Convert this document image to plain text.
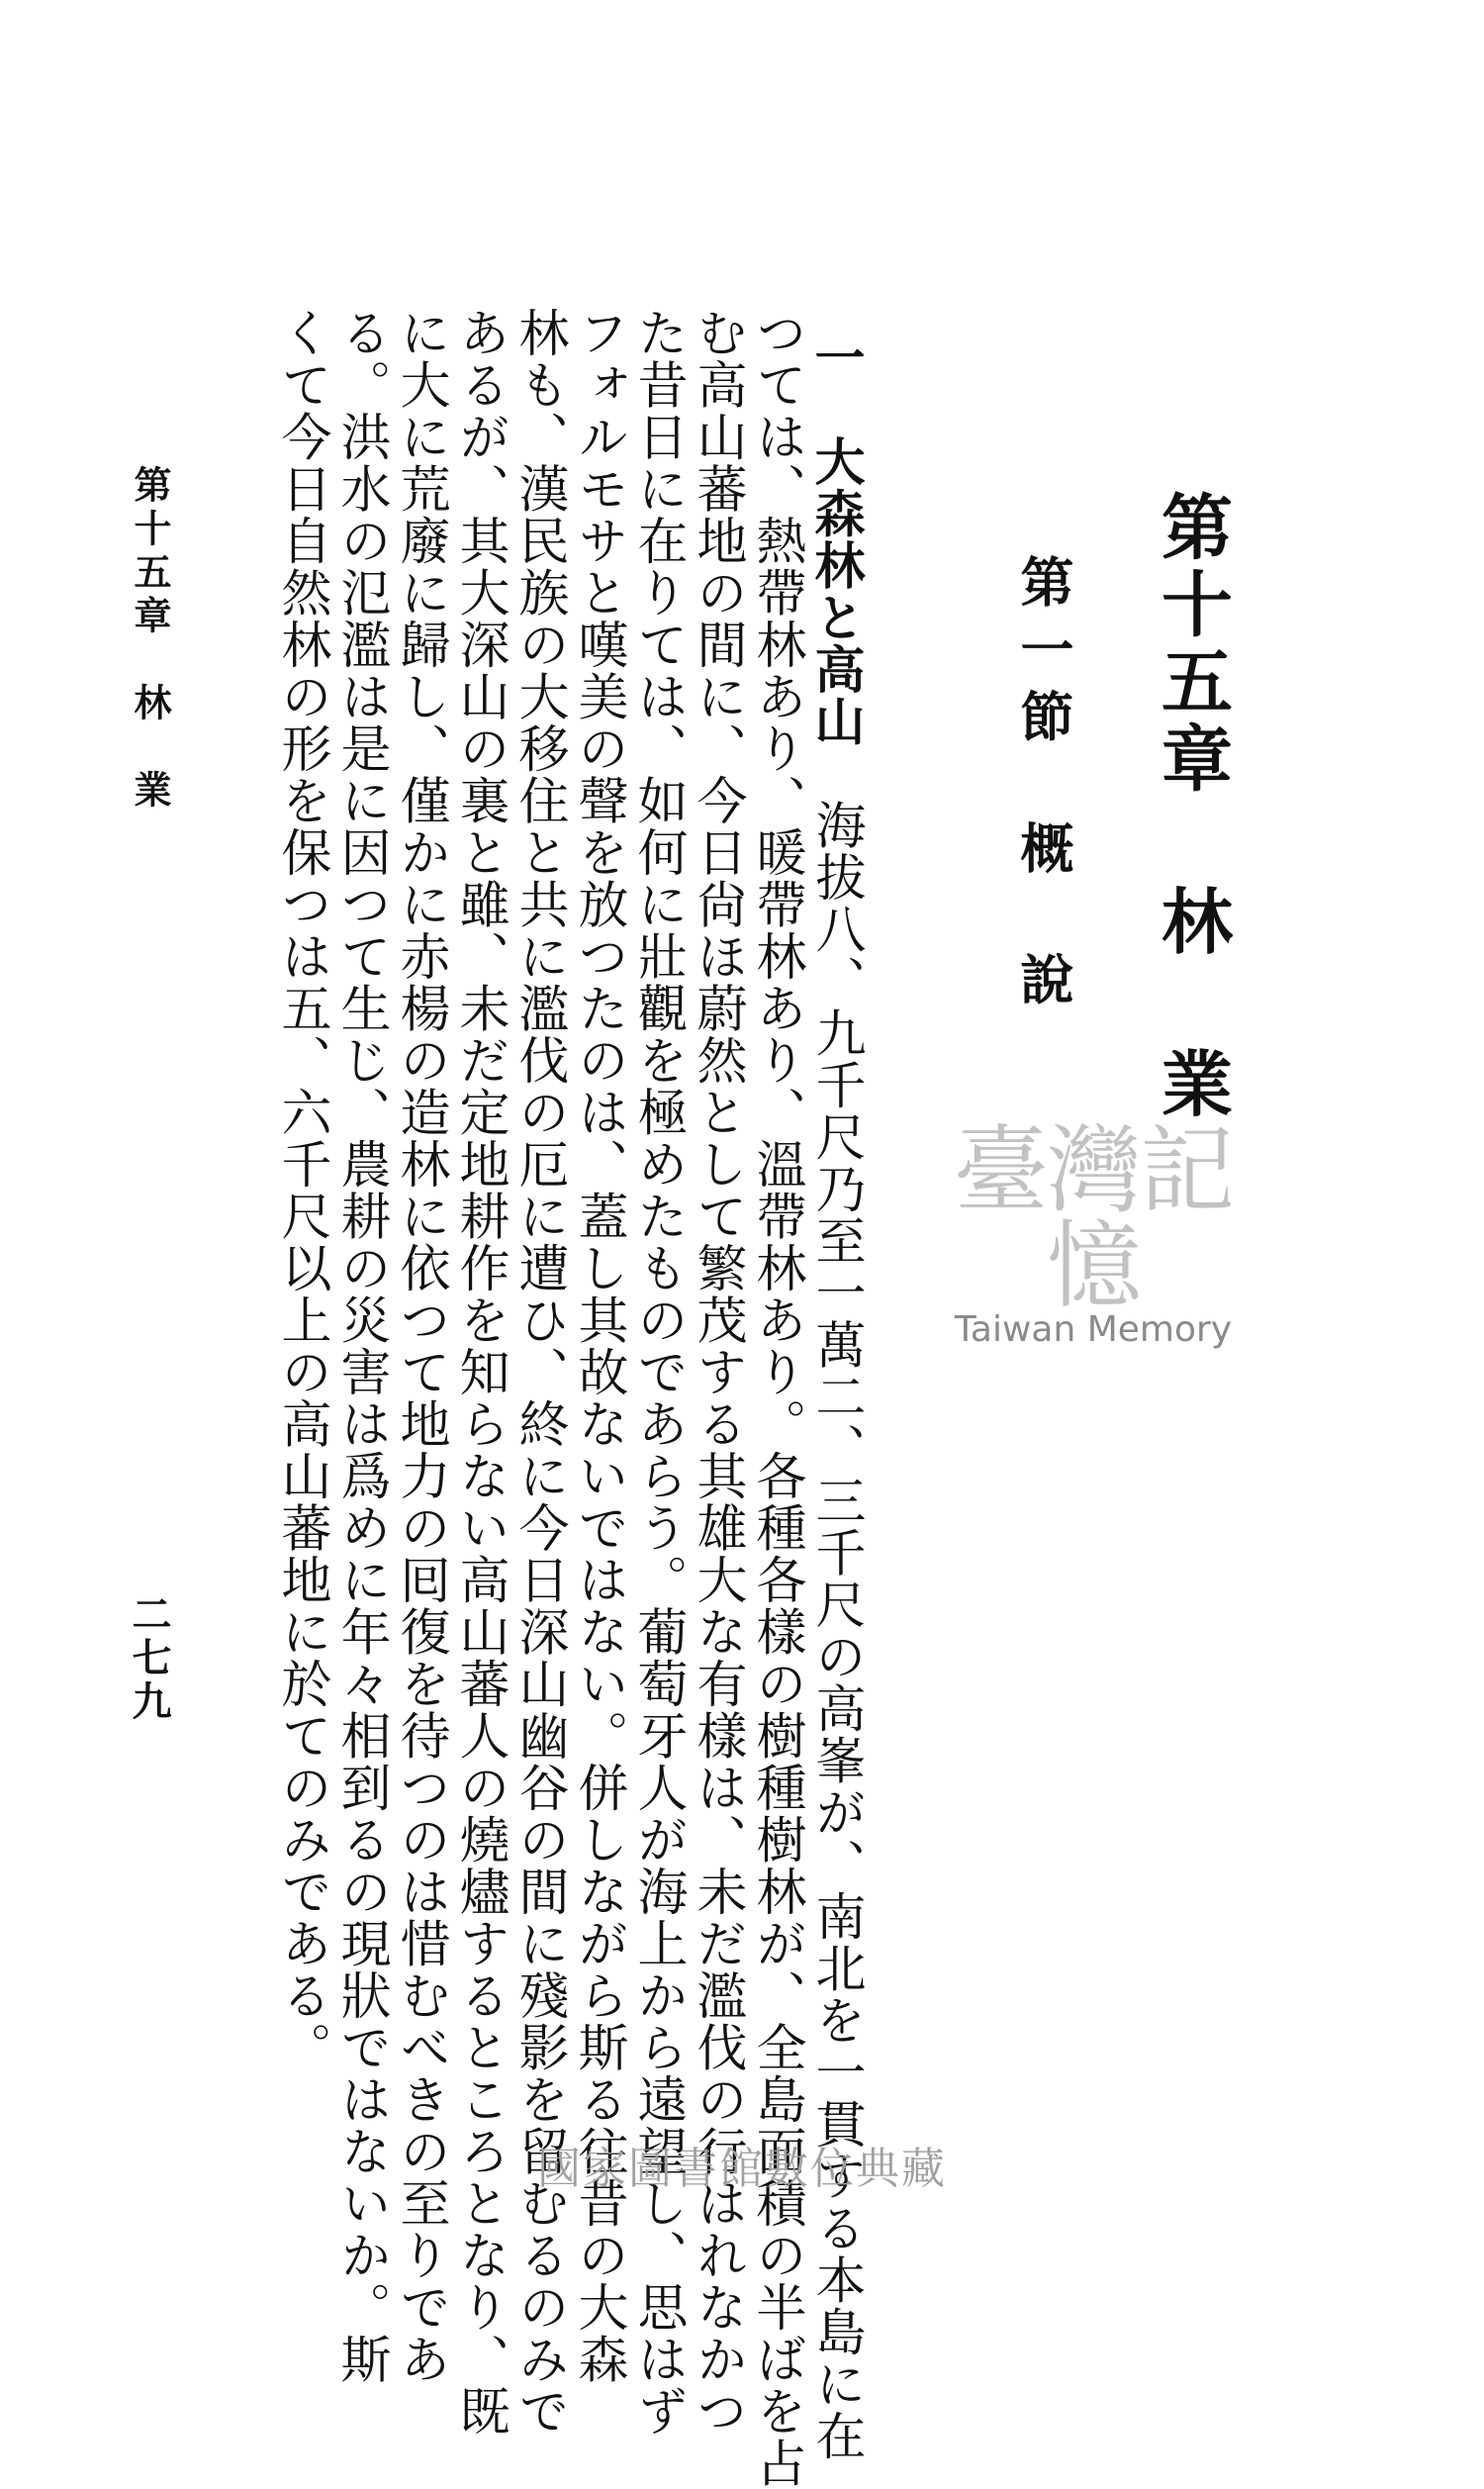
第十五章林業
第一節概說
一　大森林と高山　海拔八、九千尺乃至一萬二、三千尺の高峯が、南北を一貫する本島に在
つては、熱帶林あり、暖帶林あり、溫帶林あり。各種各樣の樹種樹林が、全島面積の半ばを占
む高山蕃地の間に、今日尙ほ蔚然として繁茂する其雄大な有樣は、未だ濫伐の行はれなかつ
た昔日に在りては、如何に壯觀を極めたものであらう。葡萄牙人が海上から遠望し、思はず
フォルモサと嘆美の聲を放つたのは、蓋し其故ないではない。併しながら斯る往昔の大森
林も、漢民族の大移住と共に濫伐の厄に遭ひ、終に今日深山幽谷の間に殘影を留むるのみで
あるが、其大深山の裏と雖、未だ定地耕作を知らない高山蕃人の燒燼するところとなり、既
に大に荒廢に歸し、僅かに赤楊の造林に依つて地力の囘復を待つのは惜むべきの至りであ
る。洪水の氾濫は是に因つて生じ、農耕の災害は爲めに年々相到るの現狀ではないか。斯
くて今日自然林の形を保つは五、六千尺以上の高山蕃地に於てのみである。
第十五章　林　業
二七九
臺灣記憶
Taiwan Memory
國家圖書館數位典藏
